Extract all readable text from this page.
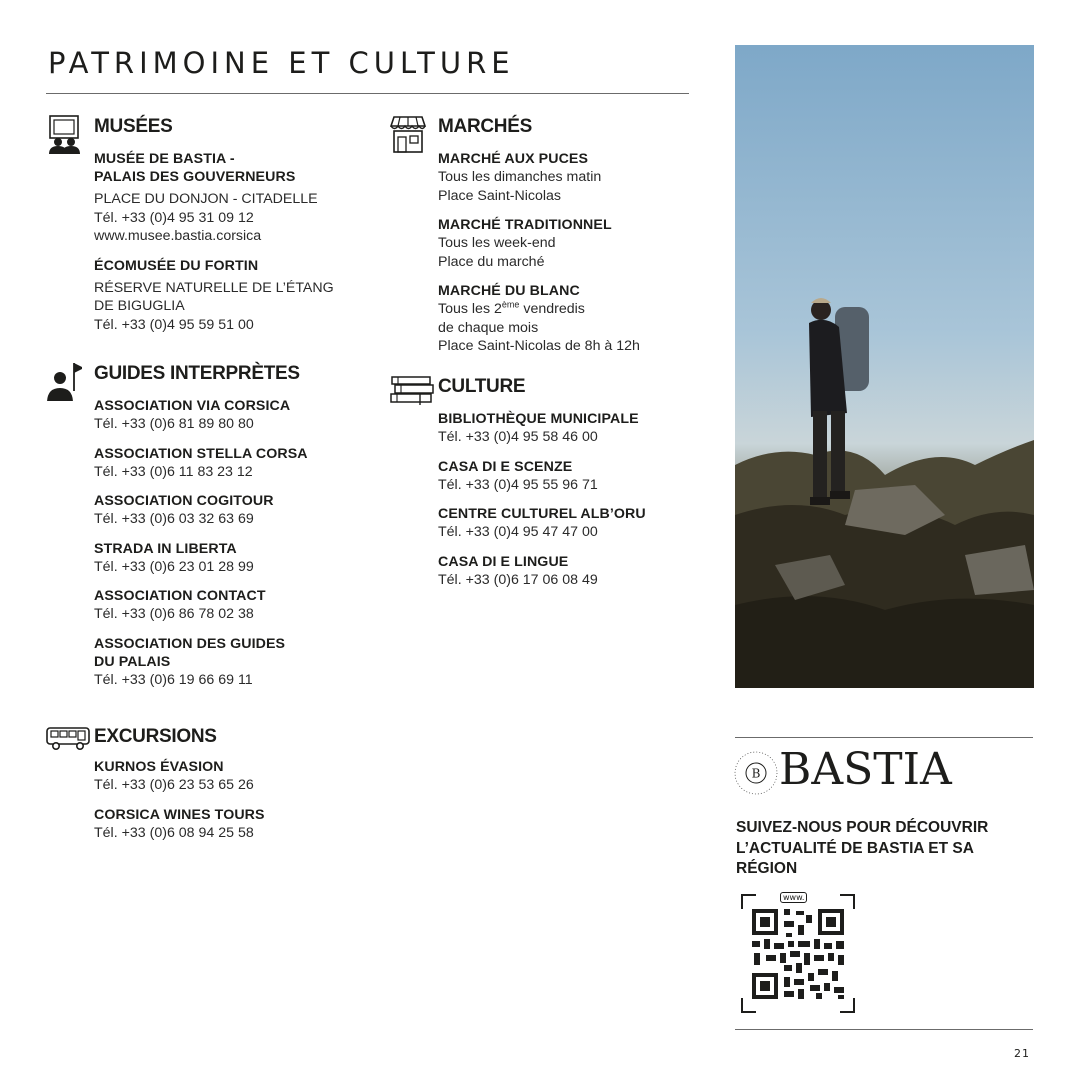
PATRIMOINE ET CULTURE
MUSÉES
MUSÉE DE BASTIA -
PALAIS DES GOUVERNEURS
PLACE DU DONJON - CITADELLE
Tél. +33 (0)4 95 31 09 12
www.musee.bastia.corsica
ÉCOMUSÉE DU FORTIN
RÉSERVE NATURELLE DE L’ÉTANG
DE BIGUGLIA
Tél. +33 (0)4 95 59 51 00
GUIDES INTERPRÈTES
ASSOCIATION VIA CORSICA
Tél. +33 (0)6 81 89 80 80
ASSOCIATION STELLA CORSA
Tél. +33 (0)6 11 83 23 12
ASSOCIATION COGITOUR
Tél. +33 (0)6 03 32 63 69
STRADA IN LIBERTA
Tél. +33 (0)6 23 01 28 99
ASSOCIATION CONTACT
Tél. +33 (0)6 86 78 02 38
ASSOCIATION DES GUIDES
DU PALAIS
Tél. +33 (0)6 19 66 69 11
EXCURSIONS
KURNOS ÉVASION
Tél. +33 (0)6 23 53 65 26
CORSICA WINES TOURS
Tél. +33 (0)6 08 94 25 58
MARCHÉS
MARCHÉ AUX PUCES
Tous les dimanches matin
Place Saint-Nicolas
MARCHÉ TRADITIONNEL
Tous les week-end
Place du marché
MARCHÉ DU BLANC
Tous les 2ème vendredis
de chaque mois
Place Saint-Nicolas de 8h à 12h
CULTURE
BIBLIOTHÈQUE MUNICIPALE
Tél. +33 (0)4 95 58 46 00
CASA DI E SCENZE
Tél. +33 (0)4 95 55 96 71
CENTRE CULTUREL ALB’ORU
Tél. +33 (0)4 95 47 47 00
CASA DI E LINGUE
Tél. +33 (0)6 17 06 08 49
B BASTIA

SUIVEZ-NOUS POUR DÉCOUVRIR L’ACTUALITÉ DE BASTIA ET SA RÉGION

www.
21
